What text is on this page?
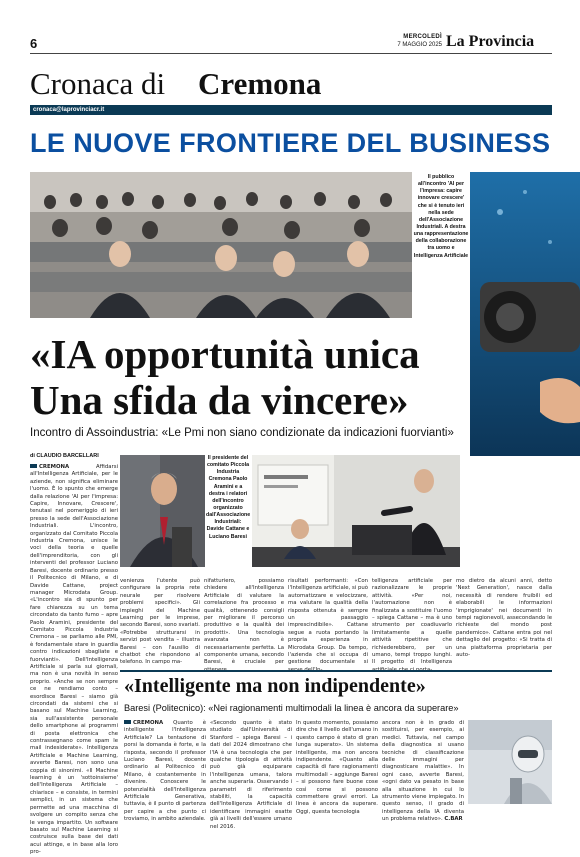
6	MERCOLEDÌ
7 MAGGIO 2025 La Provincia
Cronaca di Cremona
cronaca@laprovinciacr.it
LE NUOVE FRONTIERE DEL BUSINESS
Il pubblico all'incontro 'AI per l'impresa: capire innovare crescere' che si è tenuto ieri nella sede dell'Associazione Industriali. A destra una rappresentazione della collaborazione tra uomo e Intelligenza Artificiale
«IA opportunità unica
Una sfida da vincere»
Incontro di Assoindustria: «Le Pmi non siano condizionate da indicazioni fuorvianti»
di CLAUDIO BARCELLARI
CREMONA	Affidarsi all'Intelligenza Artificiale, per le aziende, non significa eliminare l'uomo. È lo spunto che emerge dalla relazione 'AI per l'impresa: Capire, Innovare, Crescere', tenutasi nel pomeriggio di ieri presso la sede dell'Associazione Industriali. L'incontro, organizzato dal Comitato Piccola Industria Cremona, unisce le voci della teoria e quelle dell'imprenditoria, con gli interventi del professor Luciano Baresi, docente ordinario presso il Politecnico di Milano, e di Davide Cattane, project manager Microdata Group. «L'incontro sia di spunto per fare chiarezza su un tema circondato da tanto fumo – apre Paolo Aramini, presidente del Comitato Piccola Industria Cremona – se parliamo alle PMI, è fondamentale stare in guardia contro indicazioni sbagliate e fuorvianti». Dell'Intelligenza Artificiale si parla sui giornali, ma non è una novità in senso proprio. «Anche se non sempre ce ne rendiamo conto – esordisce Baresi – siamo già circondati da sistemi che si basano sul Machine Learning, sia sull'assistente personale dello smartphone ai programmi di posta elettronica che contrassegnano come spam le mail indesiderate». Intelligenza Artificiale e Machine Learning, avverte Baresi, non sono una coppia di sinonimi. «Il Machine learning è un 'sottoinsieme' dell'Intelligenza Artificiale – chiarisce – e consiste, in termini semplici, in un sistema che permette ad una macchina di svolgere un compito senza che le venga impartito. Un software basato sul Machine Learning si costruisce sulla base dei dati acui attinge, e in base alla loro pro-
Il presidente del comitato Piccola Industria Cremona Paolo Aramini e a destra i relatori dell'incontro organizzato dall'Associazione Industriali: Davide Cattane e Luciano Baresi
venienza l'utente può configurare la propria rete neurale per risolvere problemi specifici». Gli impieghi del Machine Learning per le imprese, secondo Baresi, sono svariati. «Potrebbe strutturarsi in servizi post vendita – illustra Baresi – con l'ausilio di chatbot che rispondono al telefono. In campo ma-
nifatturiero, possiamo chiedere all'Intelligenza Artificiale di valutare la correlazione fra processo e qualità, ottenendo consigli per migliorare il percorso produttivo e la qualità dei prodotti». Una tecnologia avanzata non è necessariamente perfetta. La componente umana, secondo Baresi, è cruciale per ottenere
risultati performanti: «Con l'Intelligenza artificiale, si può automatizzare e velocizzare, ma valutare la qualità della risposta ottenuta è sempre un passaggio imprescindibile». Cattane segue a ruota portando la propria esperienza in Microdata Group. Da tempo, l'azienda che si occupa di gestione documentale si serve dell'In-
telligenza artificiale per razionalizzare le proprie attività. «Per noi, l'automazione non è finalizzata a sostituire l'uomo – spiega Cattane – ma è uno strumento per coadiuvarlo limitatamente a quelle attività ripetitive che richiederebbero, per un umano, tempi troppo lunghi. Il progetto di Intelligenza artificiale che ci porta-
mo dietro da alcuni anni, detto 'Next Generation', nasce dalla necessità di rendere fruibili ed elaborabili le informazioni 'imprigionate' nei documenti in tempi ragionevoli, assecondando le richieste del mondo post pandemico». Cattane entra poi nel dettaglio del progetto: «Si tratta di una piattaforma proprietaria per auto-
«Intelligente ma non indipendente»
Baresi (Politecnico): «Nei ragionamenti multimodali la linea è ancora da superare»
CREMONA Quanto è intelligente l'Intelligenza Artificiale? La tentazione di porsi la domanda è forte, e la risposta, secondo il professor Luciano Baresi, docente ordinario al Politecnico di Milano, è costantemente in divenire. Conoscere le potenzialità dell'Intelligenza Artificiale Generativa, tuttavia, è il punto di partenza per capire a che punto ci troviamo, in ambito aziendale.
«Secondo quanto è stato studiato dall'Università di Stanford – spiega Baresi – i dati del 2024 dimostrano che l'IA è una tecnologia che per qualche tipologia di attività può già equiparare l'intelligenza umana, talora anche superarla. Osservando i parametri di riferimento stabiliti, la capacità dell'Intelligenza Artificiale di identificare immagini esatte già ai livelli dell'essere umano nel 2016.
In questo momento, possiamo dire che il livello dell'umano in questo campo è stato di gran lunga superato». Un sistema intelligente, ma non ancora indipendente. «Quanto alla capacità di fare ragionamenti multimodali – aggiunge Baresi – si possono fare buone cose così come si possono commettere gravi errori. La linea è ancora da superare. Oggi, questa tecnologia
ancora non è in grado di sostituirsi, per esempio, ai medici. Tuttavia, nel campo della diagnostica si usano tecniche di classificazione delle immagini per diagnosticare malattie». In ogni caso, avverte Baresi, «ogni dato va pesato in base alla situazione in cui lo strumento viene impiegato. In questo senso, il grado di intelligenza della IA diventa un problema relativo». C.BAR
